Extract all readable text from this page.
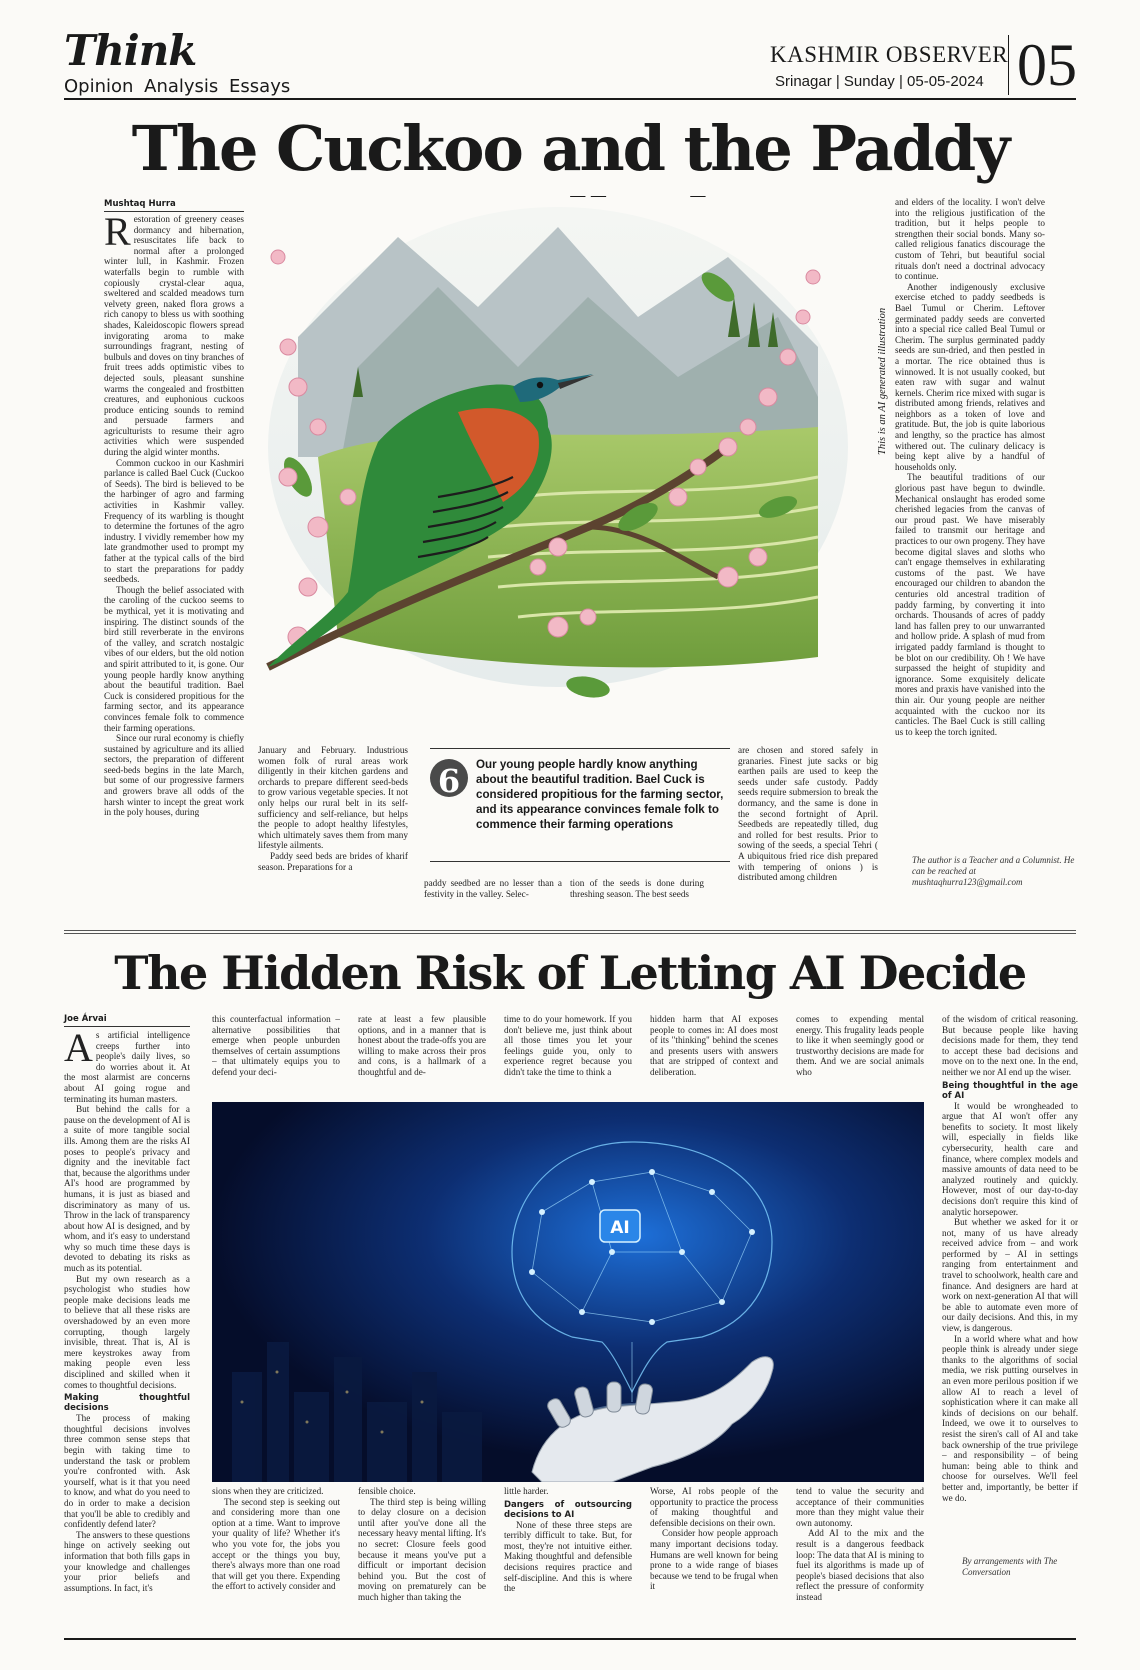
Think
Opinion Analysis Essays
KASHMIR OBSERVER
Srinagar | Sunday | 05-05-2024 05
The Cuckoo and the Paddy
Mushtaq Hurra
R estoration of greenery ceases dormancy and hibernation, resuscitates life back to normal after a prolonged winter lull, in Kashmir. Frozen waterfalls begin to rumble with copiously crystal-clear aqua, sweltered and scalded meadows turn velvety green, naked flora grows a rich canopy to bless us with soothing shades, Kaleidoscopic flowers spread invigorating aroma to make surroundings fragrant, nesting of bulbuls and doves on tiny branches of fruit trees adds optimistic vibes to dejected souls, pleasant sunshine warms the congealed and frostbitten creatures, and euphonious cuckoos produce enticing sounds to remind and persuade farmers and agriculturists to resume their agro activities which were suspended during the algid winter months.

Common cuckoo in our Kashmiri parlance is called Bael Cuck (Cuckoo of Seeds). The bird is believed to be the harbinger of agro and farming activities in Kashmir valley. Frequency of its warbling is thought to determine the fortunes of the agro industry. I vividly remember how my late grandmother used to prompt my father at the typical calls of the bird to start the preparations for paddy seedbeds.

Though the belief associated with the caroling of the cuckoo seems to be mythical, yet it is motivating and inspiring. The distinct sounds of the bird still reverberate in the environs of the valley, and scratch nostalgic vibes of our elders, but the old notion and spirit attributed to it, is gone. Our young people hardly know anything about the beautiful tradition. Bael Cuck is considered propitious for the farming sector, and its appearance convinces female folk to commence their farming operations.

Since our rural economy is chiefly sustained by agriculture and its allied sectors, the preparation of different seed-beds begins in the late March, but some of our progressive farmers and growers brave all odds of the harsh winter to incept the great work in the poly houses, during

This is an AI generated illustration

January and February. Industrious women folk of rural areas work diligently in their kitchen gardens and orchards to prepare different seed-beds to grow various vegetable species. It not only helps our rural belt in its self-sufficiency and self-reliance, but helps the people to adopt healthy lifestyles, which ultimately saves them from many lifestyle ailments.

Paddy seed beds are brides of kharif season. Preparations for a

6	Our young people hardly know anything about the beautiful tradition. Bael Cuck is considered propitious for the farming sector, and its appearance convinces female folk to commence their farming operations

paddy seedbed are no lesser than a festivity in the valley. Selec-

tion of the seeds is done during threshing season. The best seeds

are chosen and stored safely in granaries. Finest jute sacks or big earthen pails are used to keep the seeds under safe custody. Paddy seeds require submersion to break the dormancy, and the same is done in the second fortnight of April. Seedbeds are repeatedly tilled, dug and rolled for best results. Prior to sowing of the seeds, a special Tehri ( A ubiquitous fried rice dish prepared with tempering of onions ) is distributed among children

and elders of the locality. I won't delve into the religious justification of the tradition, but it helps people to strengthen their social bonds. Many so-called religious fanatics discourage the custom of Tehri, but beautiful social rituals don't need a doctrinal advocacy to continue.

Another indigenously exclusive exercise etched to paddy seedbeds is Bael Tumul or Cherim. Leftover germinated paddy seeds are converted into a special rice called Beal Tumul or Cherim. The surplus germinated paddy seeds are sun-dried, and then pestled in a mortar. The rice obtained thus is winnowed. It is not usually cooked, but eaten raw with sugar and walnut kernels. Cherim rice mixed with sugar is distributed among friends, relatives and neighbors as a token of love and gratitude. But, the job is quite laborious and lengthy, so the practice has almost withered out. The culinary delicacy is being kept alive by a handful of households only.

The beautiful traditions of our glorious past have begun to dwindle. Mechanical onslaught has eroded some cherished legacies from the canvas of our proud past. We have miserably failed to transmit our heritage and practices to our own progeny. They have become digital slaves and sloths who can't engage themselves in exhilarating customs of the past. We have encouraged our children to abandon the centuries old ancestral tradition of paddy farming, by converting it into orchards. Thousands of acres of paddy land has fallen prey to our unwarranted and hollow pride. A splash of mud from irrigated paddy farmland is thought to be blot on our credibility. Oh ! We have surpassed the height of stupidity and ignorance. Some exquisitely delicate mores and praxis have vanished into the thin air. Our young people are neither acquainted with the cuckoo nor its canticles. The Bael Cuck is still calling us to keep the torch ignited.

The author is a Teacher and a Columnist. He can be reached at mushtaqhurra123@gmail.com
The Hidden Risk of Letting AI Decide
Joe Árvai
A s artificial intelligence creeps further into people's daily lives, so do worries about it. At the most alarmist are concerns about AI going rogue and terminating its human masters.

But behind the calls for a pause on the development of AI is a suite of more tangible social ills. Among them are the risks AI poses to people's privacy and dignity and the inevitable fact that, because the algorithms under AI's hood are programmed by humans, it is just as biased and discriminatory as many of us. Throw in the lack of transparency about how AI is designed, and by whom, and it's easy to understand why so much time these days is devoted to debating its risks as much as its potential.

But my own research as a psychologist who studies how people make decisions leads me to believe that all these risks are overshadowed by an even more corrupting, though largely invisible, threat. That is, AI is mere keystrokes away from making people even less disciplined and skilled when it comes to thoughtful decisions.

Making thoughtful decisions

The process of making thoughtful decisions involves three common sense steps that begin with taking time to understand the task or problem you're confronted with. Ask yourself, what is it that you need to know, and what do you need to do in order to make a decision that you'll be able to credibly and confidently defend later?

The answers to these questions hinge on actively seeking out information that both fills gaps in your knowledge and challenges your prior beliefs and assumptions. In fact, it's

this counterfactual information – alternative possibilities that emerge when people unburden themselves of certain assumptions – that ultimately equips you to defend your deci-

rate at least a few plausible options, and in a manner that is honest about the trade-offs you are willing to make across their pros and cons, is a hallmark of a thoughtful and de-

time to do your homework. If you don't believe me, just think about all those times you let your feelings guide you, only to experience regret because you didn't take the time to think a

hidden harm that AI exposes people to comes in: AI does most of its "thinking" behind the scenes and presents users with answers that are stripped of context and deliberation.

comes to expending mental energy. This frugality leads people to like it when seemingly good or trustworthy decisions are made for them. And we are social animals who

AI

sions when they are criticized.

The second step is seeking out and considering more than one option at a time. Want to improve your quality of life? Whether it's who you vote for, the jobs you accept or the things you buy, there's always more than one road that will get you there. Expending the effort to actively consider and

fensible choice.

The third step is being willing to delay closure on a decision until after you've done all the necessary heavy mental lifting. It's no secret: Closure feels good because it means you've put a difficult or important decision behind you. But the cost of moving on prematurely can be much higher than taking the

little harder.

Dangers of outsourcing decisions to AI

None of these three steps are terribly difficult to take. But, for most, they're not intuitive either. Making thoughtful and defensible decisions requires practice and self-discipline. And this is where the

Worse, AI robs people of the opportunity to practice the process of making thoughtful and defensible decisions on their own.

Consider how people approach many important decisions today. Humans are well known for being prone to a wide range of biases because we tend to be frugal when it

tend to value the security and acceptance of their communities more than they might value their own autonomy.

Add AI to the mix and the result is a dangerous feedback loop: The data that AI is mining to fuel its algorithms is made up of people's biased decisions that also reflect the pressure of conformity instead

of the wisdom of critical reasoning. But because people like having decisions made for them, they tend to accept these bad decisions and move on to the next one. In the end, neither we nor AI end up the wiser.

Being thoughtful in the age of AI

It would be wrongheaded to argue that AI won't offer any benefits to society. It most likely will, especially in fields like cybersecurity, health care and finance, where complex models and massive amounts of data need to be analyzed routinely and quickly. However, most of our day-to-day decisions don't require this kind of analytic horsepower.

But whether we asked for it or not, many of us have already received advice from – and work performed by – AI in settings ranging from entertainment and travel to schoolwork, health care and finance. And designers are hard at work on next-generation AI that will be able to automate even more of our daily decisions. And this, in my view, is dangerous.

In a world where what and how people think is already under siege thanks to the algorithms of social media, we risk putting ourselves in an even more perilous position if we allow AI to reach a level of sophistication where it can make all kinds of decisions on our behalf. Indeed, we owe it to ourselves to resist the siren's call of AI and take back ownership of the true privilege – and responsibility – of being human: being able to think and choose for ourselves. We'll feel better and, importantly, be better if we do.

By arrangements with The Conversation
